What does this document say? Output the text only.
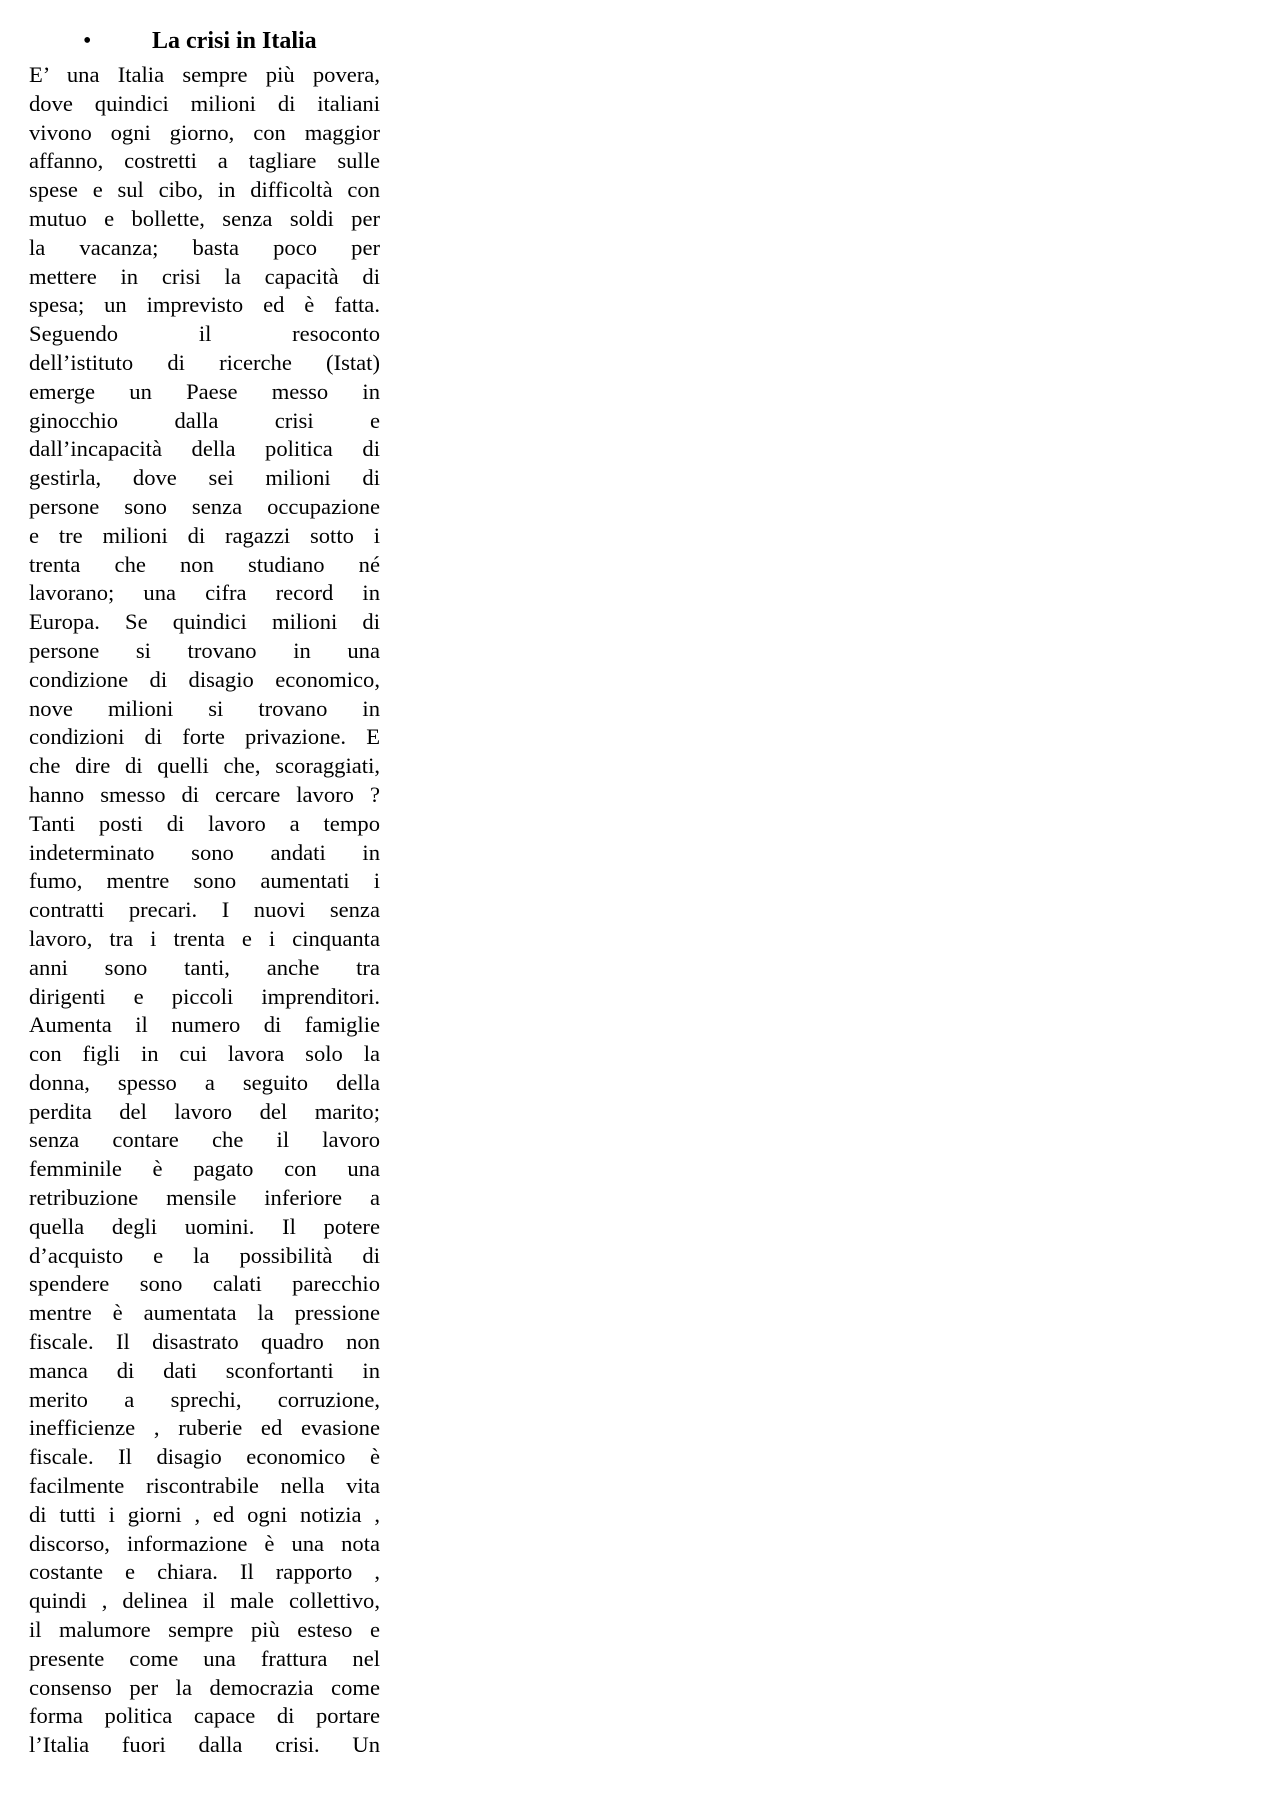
•	La crisi in Italia
E’ una Italia sempre più povera,
dove quindici milioni di italiani
vivono ogni giorno, con maggior
affanno, costretti a tagliare sulle
spese e sul cibo, in difficoltà con
mutuo e bollette, senza soldi per
la vacanza; basta poco per
mettere in crisi la capacità di
spesa; un imprevisto ed è fatta.
Seguendo il resoconto
dell’istituto di ricerche (Istat)
emerge un Paese messo in
ginocchio dalla crisi e
dall’incapacità della politica di
gestirla, dove sei milioni di
persone sono senza occupazione
e tre milioni di ragazzi sotto i
trenta che non studiano né
lavorano; una cifra record in
Europa. Se quindici milioni di
persone si trovano in una
condizione di disagio economico,
nove milioni si trovano in
condizioni di forte privazione. E
che dire di quelli che, scoraggiati,
hanno smesso di cercare lavoro ?
Tanti posti di lavoro a tempo
indeterminato sono andati in
fumo, mentre sono aumentati i
contratti precari. I nuovi senza
lavoro, tra i trenta e i cinquanta
anni sono tanti, anche tra
dirigenti e piccoli imprenditori.
Aumenta il numero di famiglie
con figli in cui lavora solo la
donna, spesso a seguito della
perdita del lavoro del marito;
senza contare che il lavoro
femminile è pagato con una
retribuzione mensile inferiore a
quella degli uomini. Il potere
d’acquisto e la possibilità di
spendere sono calati parecchio
mentre è aumentata la pressione
fiscale. Il disastrato quadro non
manca di dati sconfortanti in
merito a sprechi, corruzione,
inefficienze , ruberie ed evasione
fiscale. Il disagio economico è
facilmente riscontrabile nella vita
di tutti i giorni , ed ogni notizia ,
discorso, informazione è una nota
costante e chiara. Il rapporto ,
quindi , delinea il male collettivo,
il malumore sempre più esteso e
presente come una frattura nel
consenso per la democrazia come
forma politica capace di portare
l’Italia fuori dalla crisi. Un
